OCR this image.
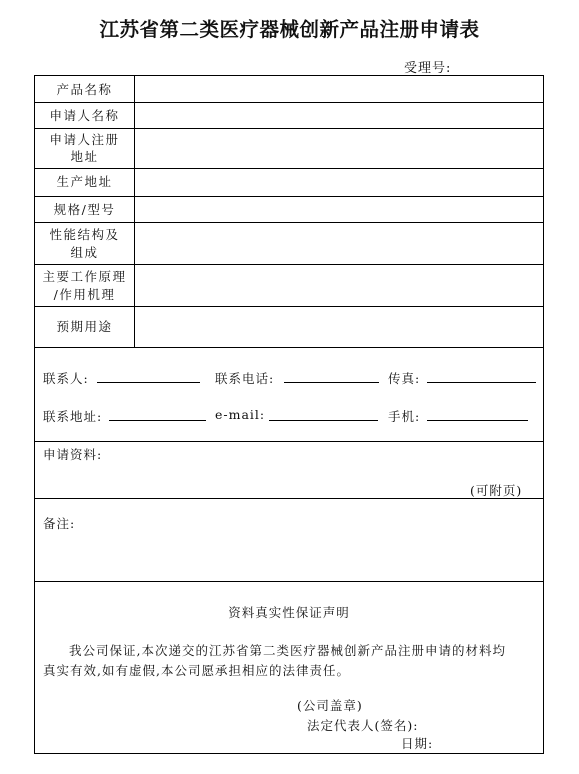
江苏省第二类医疗器械创新产品注册申请表
受理号:
产品名称
申请人名称
申请人注册
地址
生产地址
规格/型号
性能结构及
组成
主要工作原理
/作用机理
预期用途
联系人:	联系电话:	传真:
联系地址:	e-mail:	手机:
申请资料:
(可附页)
备注:
资料真实性保证声明
我公司保证,本次递交的江苏省第二类医疗器械创新产品注册申请的材料均
真实有效,如有虚假,本公司愿承担相应的法律责任。
(公司盖章)
法定代表人(签名):
日期:
